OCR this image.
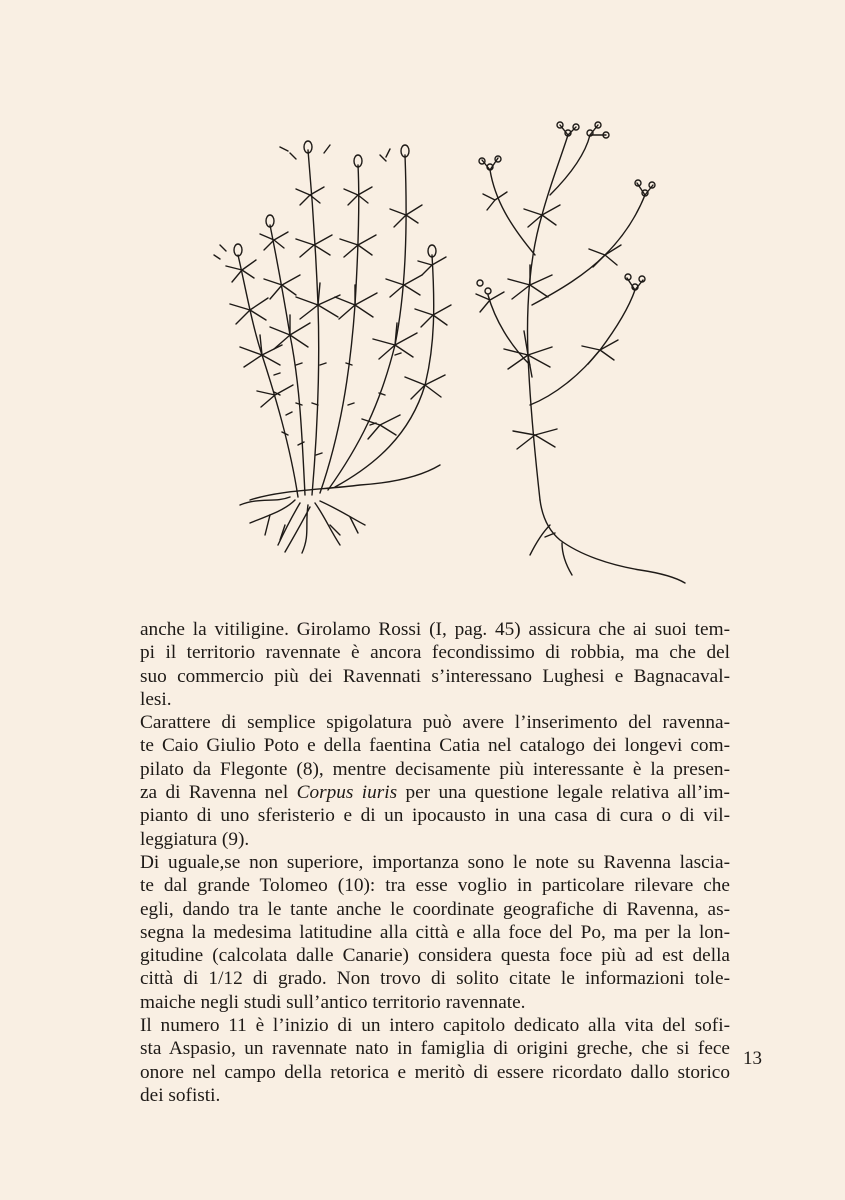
anche la vitiligine. Girolamo Rossi (I, pag. 45) assicura che ai suoi tem-
pi il territorio ravennate è ancora fecondissimo di robbia, ma che del
suo commercio più dei Ravennati s’interessano Lughesi e Bagnacaval-
lesi.
Carattere di semplice spigolatura può avere l’inserimento del ravenna-
te Caio Giulio Poto e della faentina Catia nel catalogo dei longevi com-
pilato da Flegonte (8), mentre decisamente più interessante è la presen-
za di Ravenna nel Corpus iuris per una questione legale relativa all’im-
pianto di uno sferisterio e di un ipocausto in una casa di cura o di vil-
leggiatura (9).
Di uguale,se non superiore, importanza sono le note su Ravenna lascia-
te dal grande Tolomeo (10): tra esse voglio in particolare rilevare che
egli, dando tra le tante anche le coordinate geografiche di Ravenna, as-
segna la medesima latitudine alla città e alla foce del Po, ma per la lon-
gitudine (calcolata dalle Canarie) considera questa foce più ad est della
città di 1/12 di grado. Non trovo di solito citate le informazioni tole-
maiche negli studi sull’antico territorio ravennate.
Il numero 11 è l’inizio di un intero capitolo dedicato alla vita del sofi-
sta Aspasio, un ravennate nato in famiglia di origini greche, che si fece
onore nel campo della retorica e meritò di essere ricordato dallo storico
dei sofisti.
13
